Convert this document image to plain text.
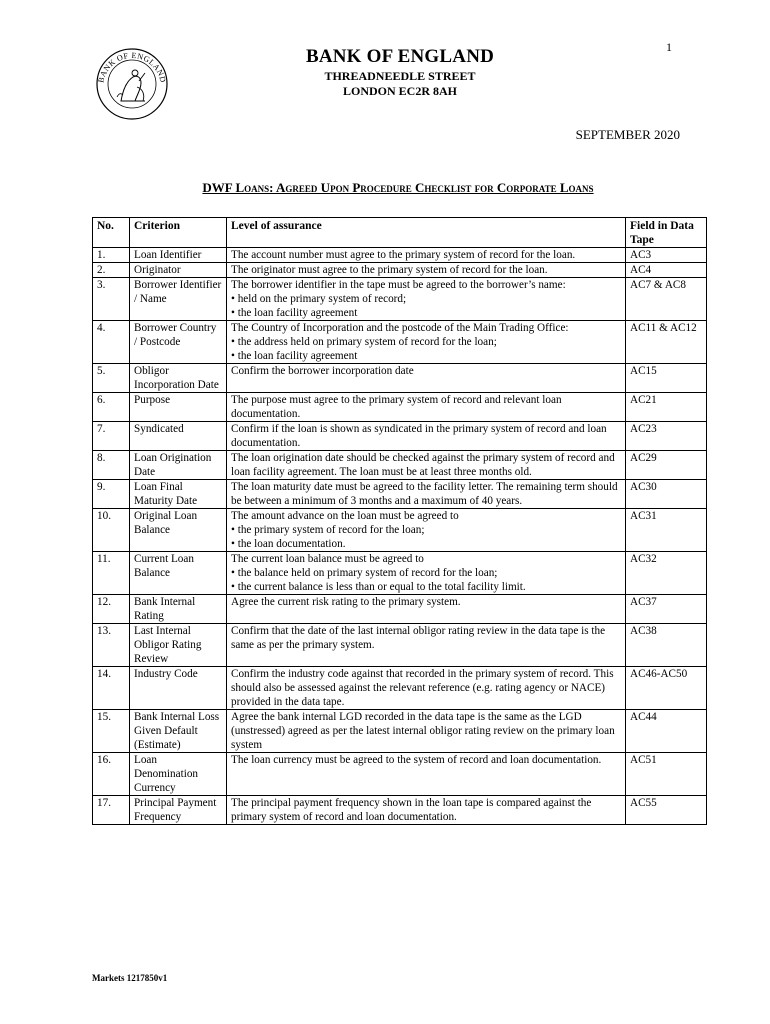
1
BANK OF ENGLAND
BANK OF ENGLAND
THREADNEEDLE STREET
LONDON EC2R 8AH
SEPTEMBER 2020
DWF Loans: Agreed Upon Procedure Checklist for Corporate Loans
No.	Criterion	Level of assurance	Field in Data Tape
1.	Loan Identifier	The account number must agree to the primary system of record for the loan.	AC3
2.	Originator	The originator must agree to the primary system of record for the loan.	AC4
3.	Borrower Identifier / Name	The borrower identifier in the tape must be agreed to the borrower’s name:
• held on the primary system of record;
• the loan facility agreement	AC7 & AC8
4.	Borrower Country / Postcode	The Country of Incorporation and the postcode of the Main Trading Office:
• the address held on primary system of record for the loan;
• the loan facility agreement	AC11 & AC12
5.	Obligor Incorporation Date	Confirm the borrower incorporation date	AC15
6.	Purpose	The purpose must agree to the primary system of record and relevant loan documentation.	AC21
7.	Syndicated	Confirm if the loan is shown as syndicated in the primary system of record and loan documentation.	AC23
8.	Loan Origination Date	The loan origination date should be checked against the primary system of record and loan facility agreement. The loan must be at least three months old.	AC29
9.	Loan Final Maturity Date	The loan maturity date must be agreed to the facility letter. The remaining term should be between a minimum of 3 months and a maximum of 40 years.	AC30
10.	Original Loan Balance	The amount advance on the loan must be agreed to
• the primary system of record for the loan;
• the loan documentation.	AC31
11.	Current Loan Balance	The current loan balance must be agreed to
• the balance held on primary system of record for the loan;
• the current balance is less than or equal to the total facility limit.	AC32
12.	Bank Internal Rating	Agree the current risk rating to the primary system.	AC37
13.	Last Internal Obligor Rating Review	Confirm that the date of the last internal obligor rating review in the data tape is the same as per the primary system.	AC38
14.	Industry Code	Confirm the industry code against that recorded in the primary system of record. This should also be assessed against the relevant reference (e.g. rating agency or NACE) provided in the data tape.	AC46-AC50
15.	Bank Internal Loss Given Default (Estimate)	Agree the bank internal LGD recorded in the data tape is the same as the LGD (unstressed) agreed as per the latest internal obligor rating review on the primary loan system	AC44
16.	Loan Denomination Currency	The loan currency must be agreed to the system of record and loan documentation.	AC51
17.	Principal Payment Frequency	The principal payment frequency shown in the loan tape is compared against the primary system of record and loan documentation.	AC55
Markets 1217850v1
